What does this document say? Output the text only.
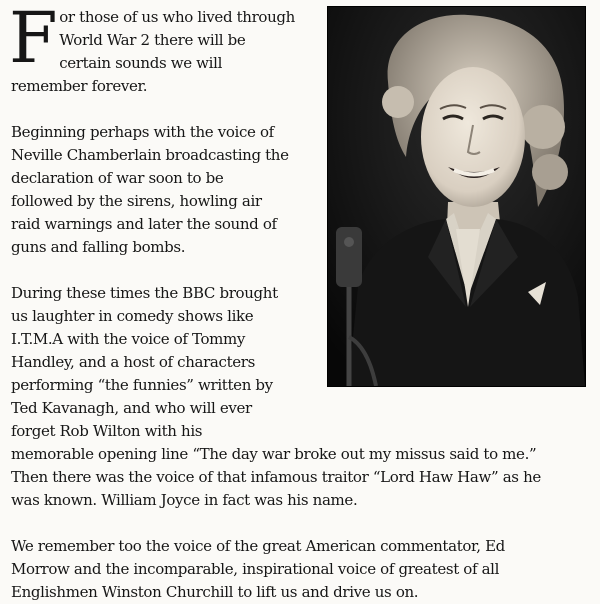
F or those of us who lived through
World War 2 there will be
certain sounds we will
remember forever.
Beginning perhaps with the voice of
Neville Chamberlain broadcasting the
declaration of war soon to be
followed by the sirens, howling air
raid warnings and later the sound of
guns and falling bombs.
During these times the BBC brought
us laughter in comedy shows like
I.T.M.A with the voice of Tommy
Handley, and a host of characters
performing “the funnies” written by
Ted Kavanagh, and who will ever
forget Rob Wilton with his
memorable opening line “The day war broke out my missus said to me.”
Then there was the voice of that infamous traitor “Lord Haw Haw” as he
was known. William Joyce in fact was his name.
We remember too the voice of the great American commentator, Ed
Morrow and the incomparable, inspirational voice of greatest of all
Englishmen Winston Churchill to lift us and drive us on.
